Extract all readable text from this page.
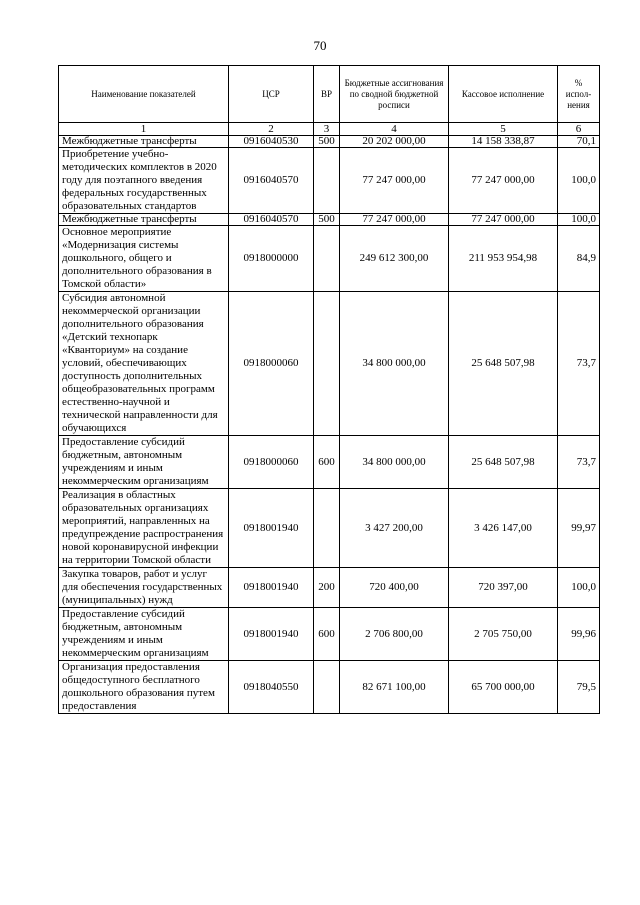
70
Наименование показателей	ЦСР	ВР	Бюджетные ассигнования по сводной бюджетной росписи	Кассовое исполнение	% испол-нения
1	2	3	4	5	6
Межбюджетные трансферты	0916040530	500	20 202 000,00	14 158 338,87	70,1
Приобретение учебно-методических комплектов в 2020 году для поэтапного введения федеральных государственных образовательных стандартов	0916040570		77 247 000,00	77 247 000,00	100,0
Межбюджетные трансферты	0916040570	500	77 247 000,00	77 247 000,00	100,0
Основное мероприятие «Модернизация системы дошкольного, общего и дополнительного образования в Томской области»	0918000000		249 612 300,00	211 953 954,98	84,9
Субсидия автономной некоммерческой организации дополнительного образования «Детский технопарк «Кванториум» на создание условий, обеспечивающих доступность дополнительных общеобразовательных программ естественно-научной и технической направленности для обучающихся	0918000060		34 800 000,00	25 648 507,98	73,7
Предоставление субсидий бюджетным, автономным учреждениям и иным некоммерческим организациям	0918000060	600	34 800 000,00	25 648 507,98	73,7
Реализация в областных образовательных организациях мероприятий, направленных на предупреждение распространения новой коронавирусной инфекции на территории Томской области	0918001940		3 427 200,00	3 426 147,00	99,97
Закупка товаров, работ и услуг для обеспечения государственных (муниципальных) нужд	0918001940	200	720 400,00	720 397,00	100,0
Предоставление субсидий бюджетным, автономным учреждениям и иным некоммерческим организациям	0918001940	600	2 706 800,00	2 705 750,00	99,96
Организация предоставления общедоступного бесплатного дошкольного образования путем предоставления	0918040550		82 671 100,00	65 700 000,00	79,5
